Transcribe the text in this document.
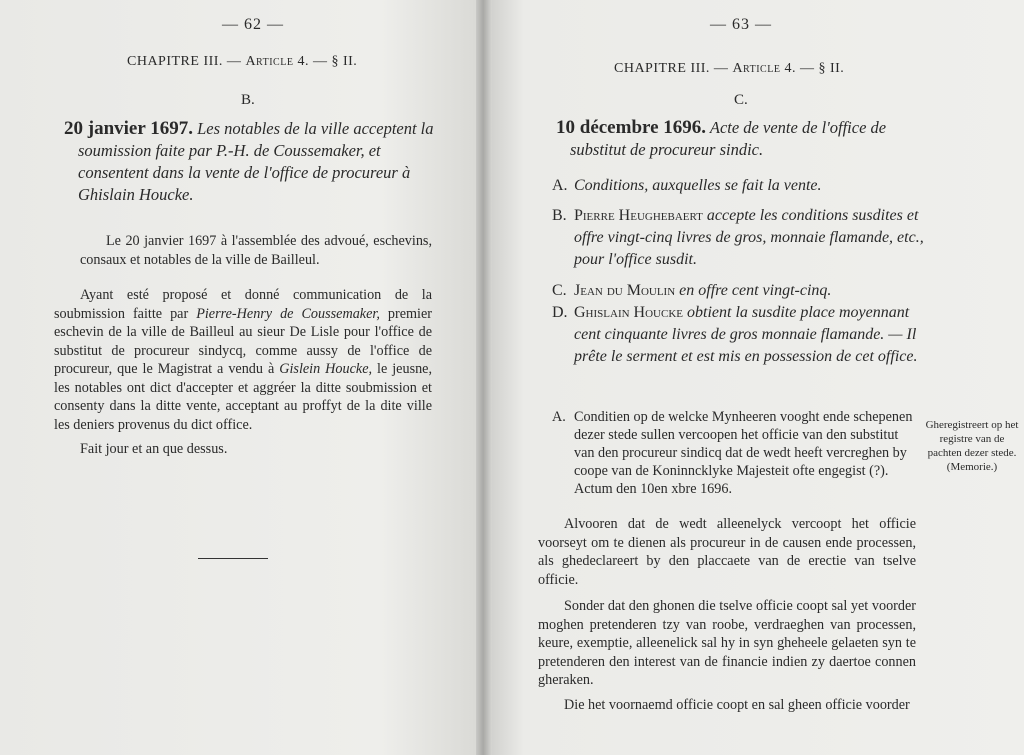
— 62 —
CHAPITRE III. — Article 4. — § II.
B.
20 janvier 1697. Les notables de la ville acceptent la soumission faite par P.-H. de Coussemaker, et consentent dans la vente de l'office de procureur à Ghislain Houcke.

Le 20 janvier 1697 à l'assemblée des advoué, eschevins, consaux et notables de la ville de Bailleul.

Ayant esté proposé et donné communication de la soubmission faitte par Pierre-Henry de Coussemaker, premier eschevin de la ville de Bailleul au sieur De Lisle pour l'office de substitut de procureur sindycq, comme aussy de l'office de procureur, que le Magistrat a vendu à Gislein Houcke, le jeusne, les notables ont dict d'accepter et aggréer la ditte soubmission et consenty dans la ditte vente, acceptant au proffyt de la dite ville les deniers provenus du dict office.

Fait jour et an que dessus.

— 63 —
CHAPITRE III. — Article 4. — § II.
C.
10 décembre 1696. Acte de vente de l'office de substitut de procureur sindic.
A. Conditions, auxquelles se fait la vente.
B. Pierre Heughebaert accepte les conditions susdites et offre vingt-cinq livres de gros, monnaie flamande, etc., pour l'office susdit.
C. Jean du Moulin en offre cent vingt-cinq.
D. Ghislain Houcke obtient la susdite place moyennant cent cinquante livres de gros monnaie flamande. — Il prête le serment et est mis en possession de cet office.
A. Conditien op de welcke Mynheeren vooght ende schepenen dezer stede sullen vercoopen het officie van den substitut van den procureur sindicq dat de wedt heeft vercreghen by coope van de Koninncklyke Majesteit ofte engegist (?). Actum den 10en xbre 1696.
Gheregistreert op het registre van de pachten dezer stede. (Memorie.)

Alvooren dat de wedt alleenelyck vercoopt het officie voorseyt om te dienen als procureur in de causen ende processen, als ghedeclareert by den placcaete van de erectie van tselve officie.

Sonder dat den ghonen die tselve officie coopt sal yet voorder moghen pretenderen tzy van roobe, verdraeghen van processen, keure, exemptie, alleenelick sal hy in syn gheheele gelaeten syn te pretenderen den interest van de financie indien zy daertoe connen gheraken.

Die het voornaemd officie coopt en sal gheen officie voorder
